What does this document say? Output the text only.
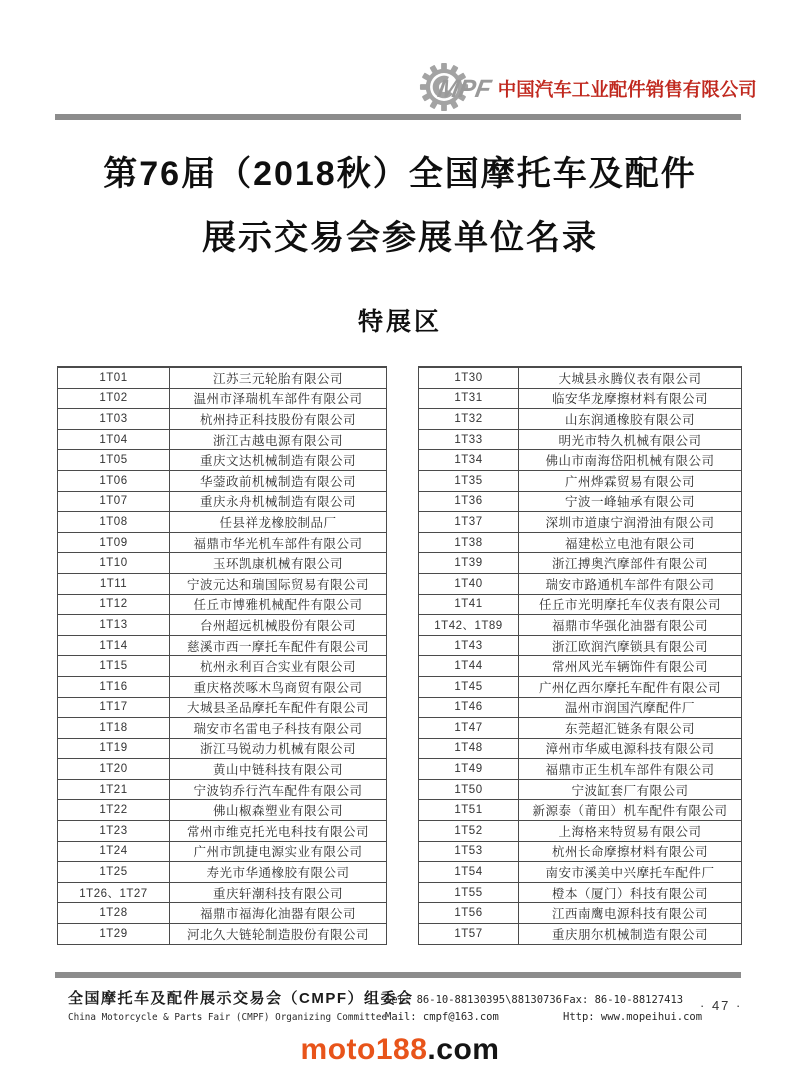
MPF 中国汽车工业配件销售有限公司
第76届（2018秋）全国摩托车及配件
展示交易会参展单位名录
特展区
1T01	江苏三元轮胎有限公司
1T02	温州市泽瑞机车部件有限公司
1T03	杭州持正科技股份有限公司
1T04	浙江古越电源有限公司
1T05	重庆文达机械制造有限公司
1T06	华蓥政前机械制造有限公司
1T07	重庆永舟机械制造有限公司
1T08	任县祥龙橡胶制品厂
1T09	福鼎市华光机车部件有限公司
1T10	玉环凯康机械有限公司
1T11	宁波元达和瑞国际贸易有限公司
1T12	任丘市博雅机械配件有限公司
1T13	台州超远机械股份有限公司
1T14	慈溪市西一摩托车配件有限公司
1T15	杭州永利百合实业有限公司
1T16	重庆格茨啄木鸟商贸有限公司
1T17	大城县圣品摩托车配件有限公司
1T18	瑞安市名雷电子科技有限公司
1T19	浙江马锐动力机械有限公司
1T20	黄山中链科技有限公司
1T21	宁波钧乔行汽车配件有限公司
1T22	佛山椒森塑业有限公司
1T23	常州市维克托光电科技有限公司
1T24	广州市凯捷电源实业有限公司
1T25	寿光市华通橡胶有限公司
1T26、1T27	重庆轩潮科技有限公司
1T28	福鼎市福海化油器有限公司
1T29	河北久大链轮制造股份有限公司
1T30	大城县永腾仪表有限公司
1T31	临安华龙摩擦材料有限公司
1T32	山东润通橡胶有限公司
1T33	明光市特久机械有限公司
1T34	佛山市南海岱阳机械有限公司
1T35	广州烨霖贸易有限公司
1T36	宁波一峰轴承有限公司
1T37	深圳市道康宁润滑油有限公司
1T38	福建松立电池有限公司
1T39	浙江搏奥汽摩部件有限公司
1T40	瑞安市路通机车部件有限公司
1T41	任丘市光明摩托车仪表有限公司
1T42、1T89	福鼎市华强化油器有限公司
1T43	浙江欧润汽摩锁具有限公司
1T44	常州风光车辆饰件有限公司
1T45	广州亿西尔摩托车配件有限公司
1T46	温州市润国汽摩配件厂
1T47	东莞超汇链条有限公司
1T48	漳州市华威电源科技有限公司
1T49	福鼎市正生机车部件有限公司
1T50	宁波缸套厂有限公司
1T51	新源泰（莆田）机车配件有限公司
1T52	上海格来特贸易有限公司
1T53	杭州长命摩擦材料有限公司
1T54	南安市溪美中兴摩托车配件厂
1T55	橙本（厦门）科技有限公司
1T56	江西南鹰电源科技有限公司
1T57	重庆朋尔机械制造有限公司
全国摩托车及配件展示交易会（CMPF）组委会
China Motorcycle & Parts Fair (CMPF) Organizing Committee
Tel: 86-10-88130395\88130736
Mail: cmpf@163.com
Fax: 86-10-88127413
Http: www.mopeihui.com
· 47 ·
moto188.com
